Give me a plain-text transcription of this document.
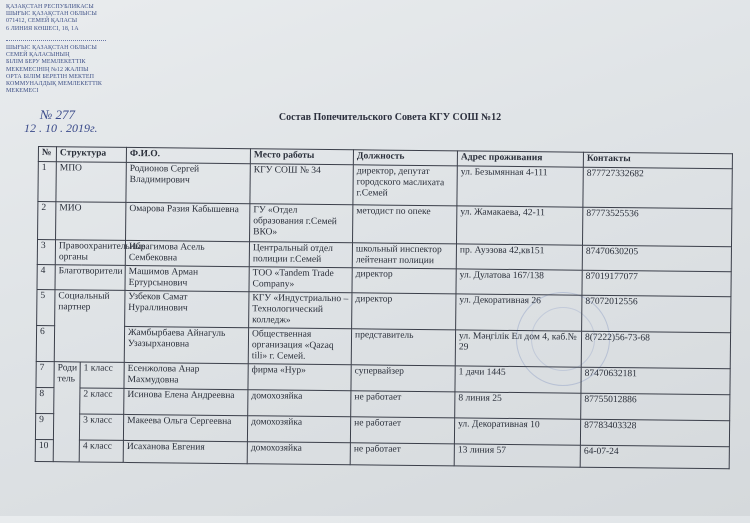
ҚАЗАҚСТАН РЕСПУБЛИКАСЫ
ШЫҒЫС ҚАЗАҚСТАН ОБЛЫСЫ
071412, СЕМЕЙ ҚАЛАСЫ
6 ЛИНИЯ КӨШЕСІ, 18, 1А
ШЫҒЫС ҚАЗАҚСТАН ОБЛЫСЫ
СЕМЕЙ ҚАЛАСЫНЫҢ
БІЛІМ БЕРУ МЕМЛЕКЕТТІК
МЕКЕМЕСІНІҢ №12 ЖАЛПЫ
ОРТА БІЛІМ БЕРЕТІН МЕКТЕП
КОММУНАЛДЫҚ МЕМЛЕКЕТТІК
МЕКЕМЕСІ
№ 277
12 . 10 . 2019г.
Состав Попечительского Совета КГУ СОШ №12
№	Структура		Ф.И.О.	Место работы	Должность	Адрес проживания	Контакты
1	МПО		Родионов Сергей Владимирович	КГУ СОШ № 34	директор, депутат городского маслихата г.Семей	ул. Безымянная 4-111	877727332682
2	МИО		Омарова Разия Кабышевна	ГУ «Отдел образования г.Семей ВКО»	методист по опеке	ул. Жамакаева, 42-11	87773525536
3	Правоохранительные органы		Ибрагимова Асель Сембековна	Центральный отдел полиции г.Семей	школьный инспектор лейтенант полиции	пр. Ауэзова 42,кв151	87470630205
4	Благотворители		Машимов Арман Ертурсынович	ТОО «Tandem Trade Company»	директор	ул. Дулатова 167/138	87019177077
5	Социальный партнер		Узбеков Самат Нураллинович	КГУ «Индустриально – Технологический колледж»	директор	ул. Декоративная 26	87072012556
6			Жамбырбаева Айнагуль Узазырхановна	Общественная организация «Qazaq tili» г. Семей.	представитель	ул. Мәңгілік Ел дом 4, каб.№ 29	8(7222)56-73-68
7	Роди тель	1 класс	Есенжолова Анар Махмудовна	фирма «Нур»	супервайзер	1 дачи 1445	87470632181
8		2 класс	Исинова Елена Андреевна	домохозяйка	не работает	8 линия 25	87755012886
9		3 класс	Макеева Ольга Сергеевна	домохозяйка	не работает	ул. Декоративная 10	87783403328
10		4 класс	Исаханова Евгения	домохозяйка	не работает	13 линия 57	64-07-24
